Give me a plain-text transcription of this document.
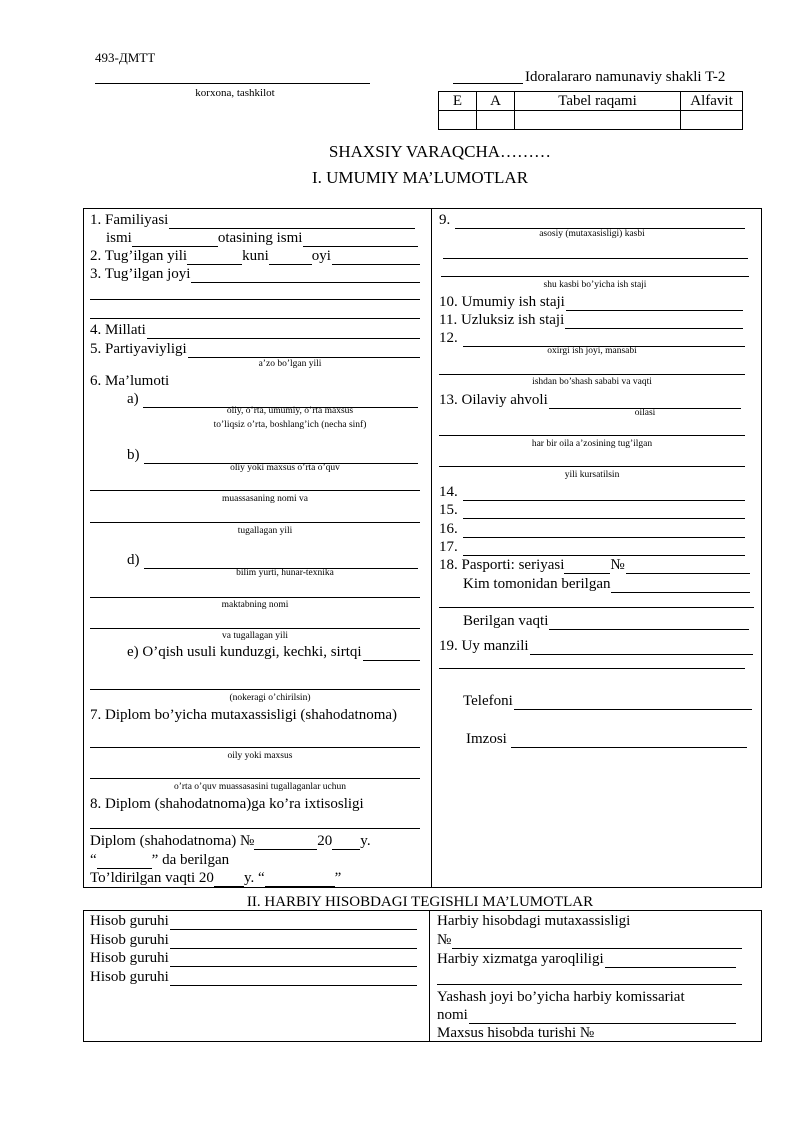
493-ДМТТ
korxona, tashkilot
Idoralararo namunaviy shakli T-2
E	A	Tabel raqami	Alfavit

SHAXSIY VARAQCHA………
I. UMUMIY MA’LUMOTLAR
1. Familiyasi
ismi	otasining ismi
2. Tug’ilgan yili	kuni	oyi
3. Tug’ilgan joyi
4. Millati
5. Partiyaviyligi
a’zo bo’lgan yili
6. Ma’lumoti
a)
oliy, o’rta, umumiy, o’rta maxsus
to’liqsiz o’rta, boshlang’ich (necha sinf)
b)
oliy yoki maxsus o’rta o’quv
muassasaning nomi va
tugallagan yili
d)
bilim yurti, hunar-texnika
maktabning nomi
va tugallagan yili
e) O’qish usuli kunduzgi, kechki, sirtqi
(nokeragi o’chirilsin)
7. Diplom bo’yicha mutaxassisligi (shahodatnoma)
oily yoki maxsus
o’rta o’quv muassasasini tugallaganlar uchun
8. Diplom (shahodatnoma)ga ko’ra ixtisosligi
Diplom (shahodatnoma) №	20 y.
“	” da berilgan
To’ldirilgan vaqti 20 y. “	”
9.
asosiy (mutaxasisligi) kasbi
shu kasbi bo’yicha ish staji
10. Umumiy ish staji
11. Uzluksiz ish staji
12.
oxirgi ish joyi, mansabi
ishdan bo’shash sababi va vaqti
13. Oilaviy ahvoli
oilasi
har bir oila a’zosining tug’ilgan
yili kursatilsin
14.
15.
16.
17.
18. Pasporti: seriyasi	№
Kim tomonidan berilgan
Berilgan vaqti
19. Uy manzili
Telefoni
Imzosi
II. HARBIY HISOBDAGI TEGISHLI MA’LUMOTLAR
Hisob guruhi
Hisob guruhi
Hisob guruhi
Hisob guruhi
Harbiy hisobdagi mutaxassisligi
№
Harbiy xizmatga yaroqliligi
Yashash joyi bo’yicha harbiy komissariat
nomi
Maxsus hisobda turishi №
